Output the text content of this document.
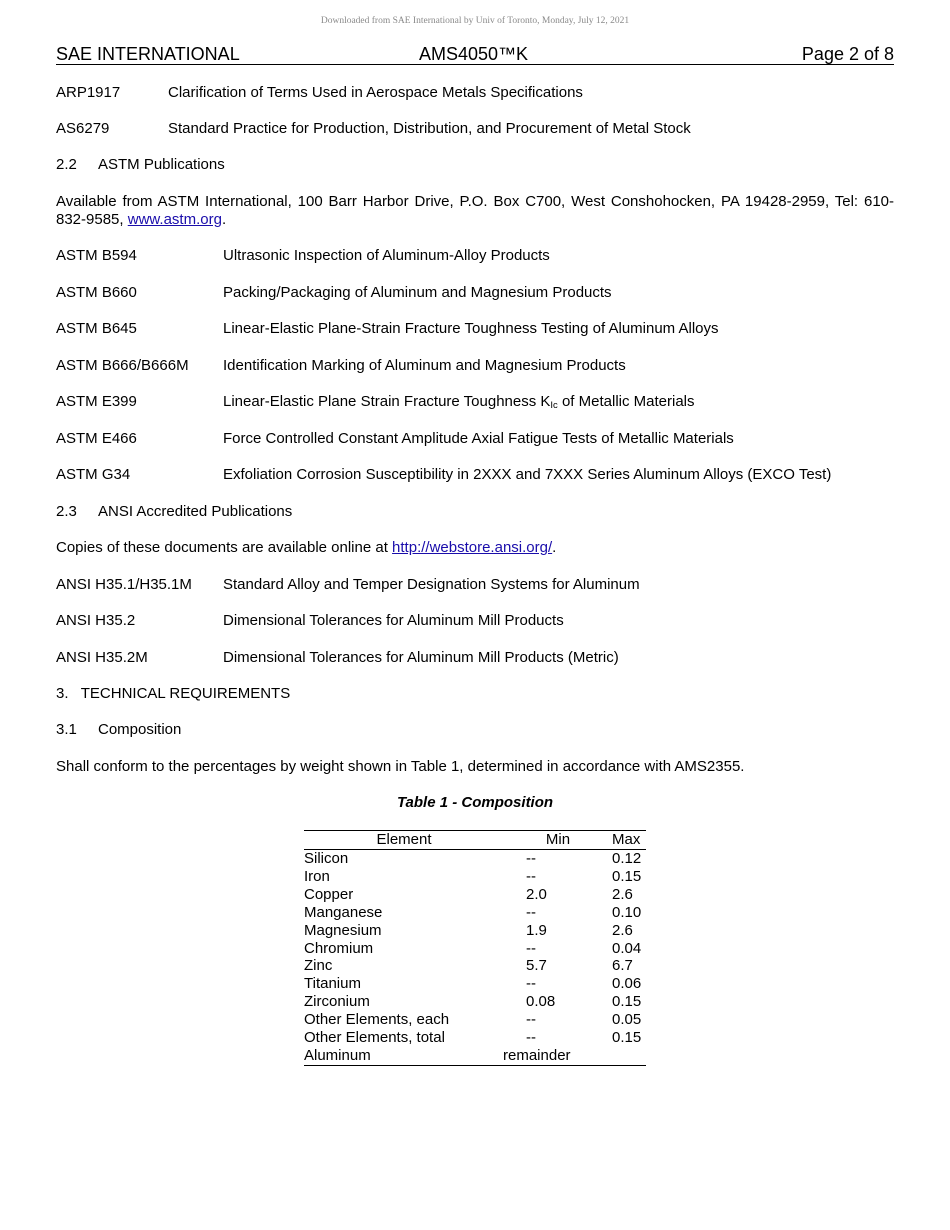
Downloaded from SAE International by Univ of Toronto, Monday, July 12, 2021
SAE INTERNATIONAL	AMS4050™K	Page 2 of 8
ARP1917	Clarification of Terms Used in Aerospace Metals Specifications
AS6279	Standard Practice for Production, Distribution, and Procurement of Metal Stock
2.2 ASTM Publications
Available from ASTM International, 100 Barr Harbor Drive, P.O. Box C700, West Conshohocken, PA 19428-2959, Tel: 610-832-9585, www.astm.org.
ASTM B594	Ultrasonic Inspection of Aluminum-Alloy Products
ASTM B660	Packing/Packaging of Aluminum and Magnesium Products
ASTM B645	Linear-Elastic Plane-Strain Fracture Toughness Testing of Aluminum Alloys
ASTM B666/B666M Identification Marking of Aluminum and Magnesium Products
ASTM E399	Linear-Elastic Plane Strain Fracture Toughness $K_{Ic}$ of Metallic Materials
ASTM E466	Force Controlled Constant Amplitude Axial Fatigue Tests of Metallic Materials
ASTM G34	Exfoliation Corrosion Susceptibility in 2XXX and 7XXX Series Aluminum Alloys (EXCO Test)
2.3 ANSI Accredited Publications
Copies of these documents are available online at http://webstore.ansi.org/.
ANSI H35.1/H35.1M Standard Alloy and Temper Designation Systems for Aluminum
ANSI H35.2	Dimensional Tolerances for Aluminum Mill Products
ANSI H35.2M	Dimensional Tolerances for Aluminum Mill Products (Metric)
3.   TECHNICAL REQUIREMENTS
3.1 Composition
Shall conform to the percentages by weight shown in Table 1, determined in accordance with AMS2355.
Table 1 - Composition
Element	Min	Max
Silicon	--	0.12
Iron	--	0.15
Copper	2.0	2.6
Manganese	--	0.10
Magnesium	1.9	2.6
Chromium	--	0.04
Zinc	5.7	6.7
Titanium	--	0.06
Zirconium	0.08	0.15
Other Elements, each	--	0.05
Other Elements, total	--	0.15
Aluminum	remainder	
